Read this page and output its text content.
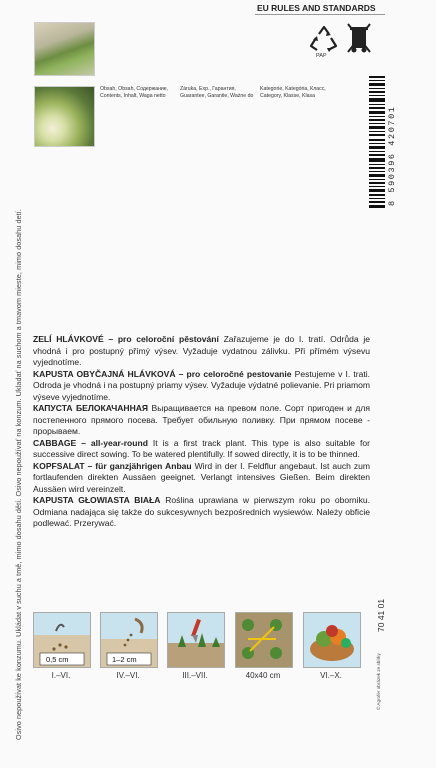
Osivo nepoužívat ke konzumu. Ukládat v suchu a tmě, mimo dosahu dětí. Osivo nepoužívať na konzum. Ukladať na suchom a tmavom mieste, mimo dosahu detí.
EU RULES AND STANDARDS
PAP
Obsah, Obsah, Содержание,
Contents, Inhalt, Waga netto
Záruka, Exp., Гарантия,
Guarantee, Garantie, Ważne do
Kategorie, Kategória, Класс,
Category, Klasse, Klasa
8 590396 420701

ZELÍ HLÁVKOVÉ – pro celoroční pěstování Zařazujeme je do I. tratí. Odrůda je vhodná i pro postupný přímý výsev. Vyžaduje vydatnou zálivku. Při přímém výsevu vyjednotíme.

KAPUSTA OBYČAJNÁ HLÁVKOVÁ – pro celoročné pestovanie Pestujeme v I. trati. Odroda je vhodná i na postupný priamy výsev. Vyžaduje výdatné polievanie. Pri priamom výseve vyjednotíme.

КАПУСТА БЕЛОКАЧАННАЯ Выращивается на превом поле. Сорт пригоден и для постепенного прямого посева. Требует обильную поливку. При прямом посеве - прорываем.

CABBAGE – all-year-round It is a first track plant. This type is also suitable for successive direct sowing. To be watered plentifully. If sowed directly, it is to be thinned.

KOPFSALAT – für ganzjährigen Anbau Wird in der I. Feldflur angebaut. Ist auch zum fortlaufenden direkten Aussäen geeignet. Verlangt intensives Gießen. Beim direkten Aussäen wird vereinzelt.

KAPUSTA GŁOWIASTA BIAŁA Roślina uprawiana w pierwszym roku po oborniku. Odmiana nadająca się także do sukcesywnych bezpośrednich wysiewów. Należy obficie podlewać. Przerywać.

0,5 cm	1–2 cm
I.–VI.	IV.–VI.	III.–VII.	40x40 cm	VI.–X.
70 41 01
© Agrofer obrázek ze sbírky
